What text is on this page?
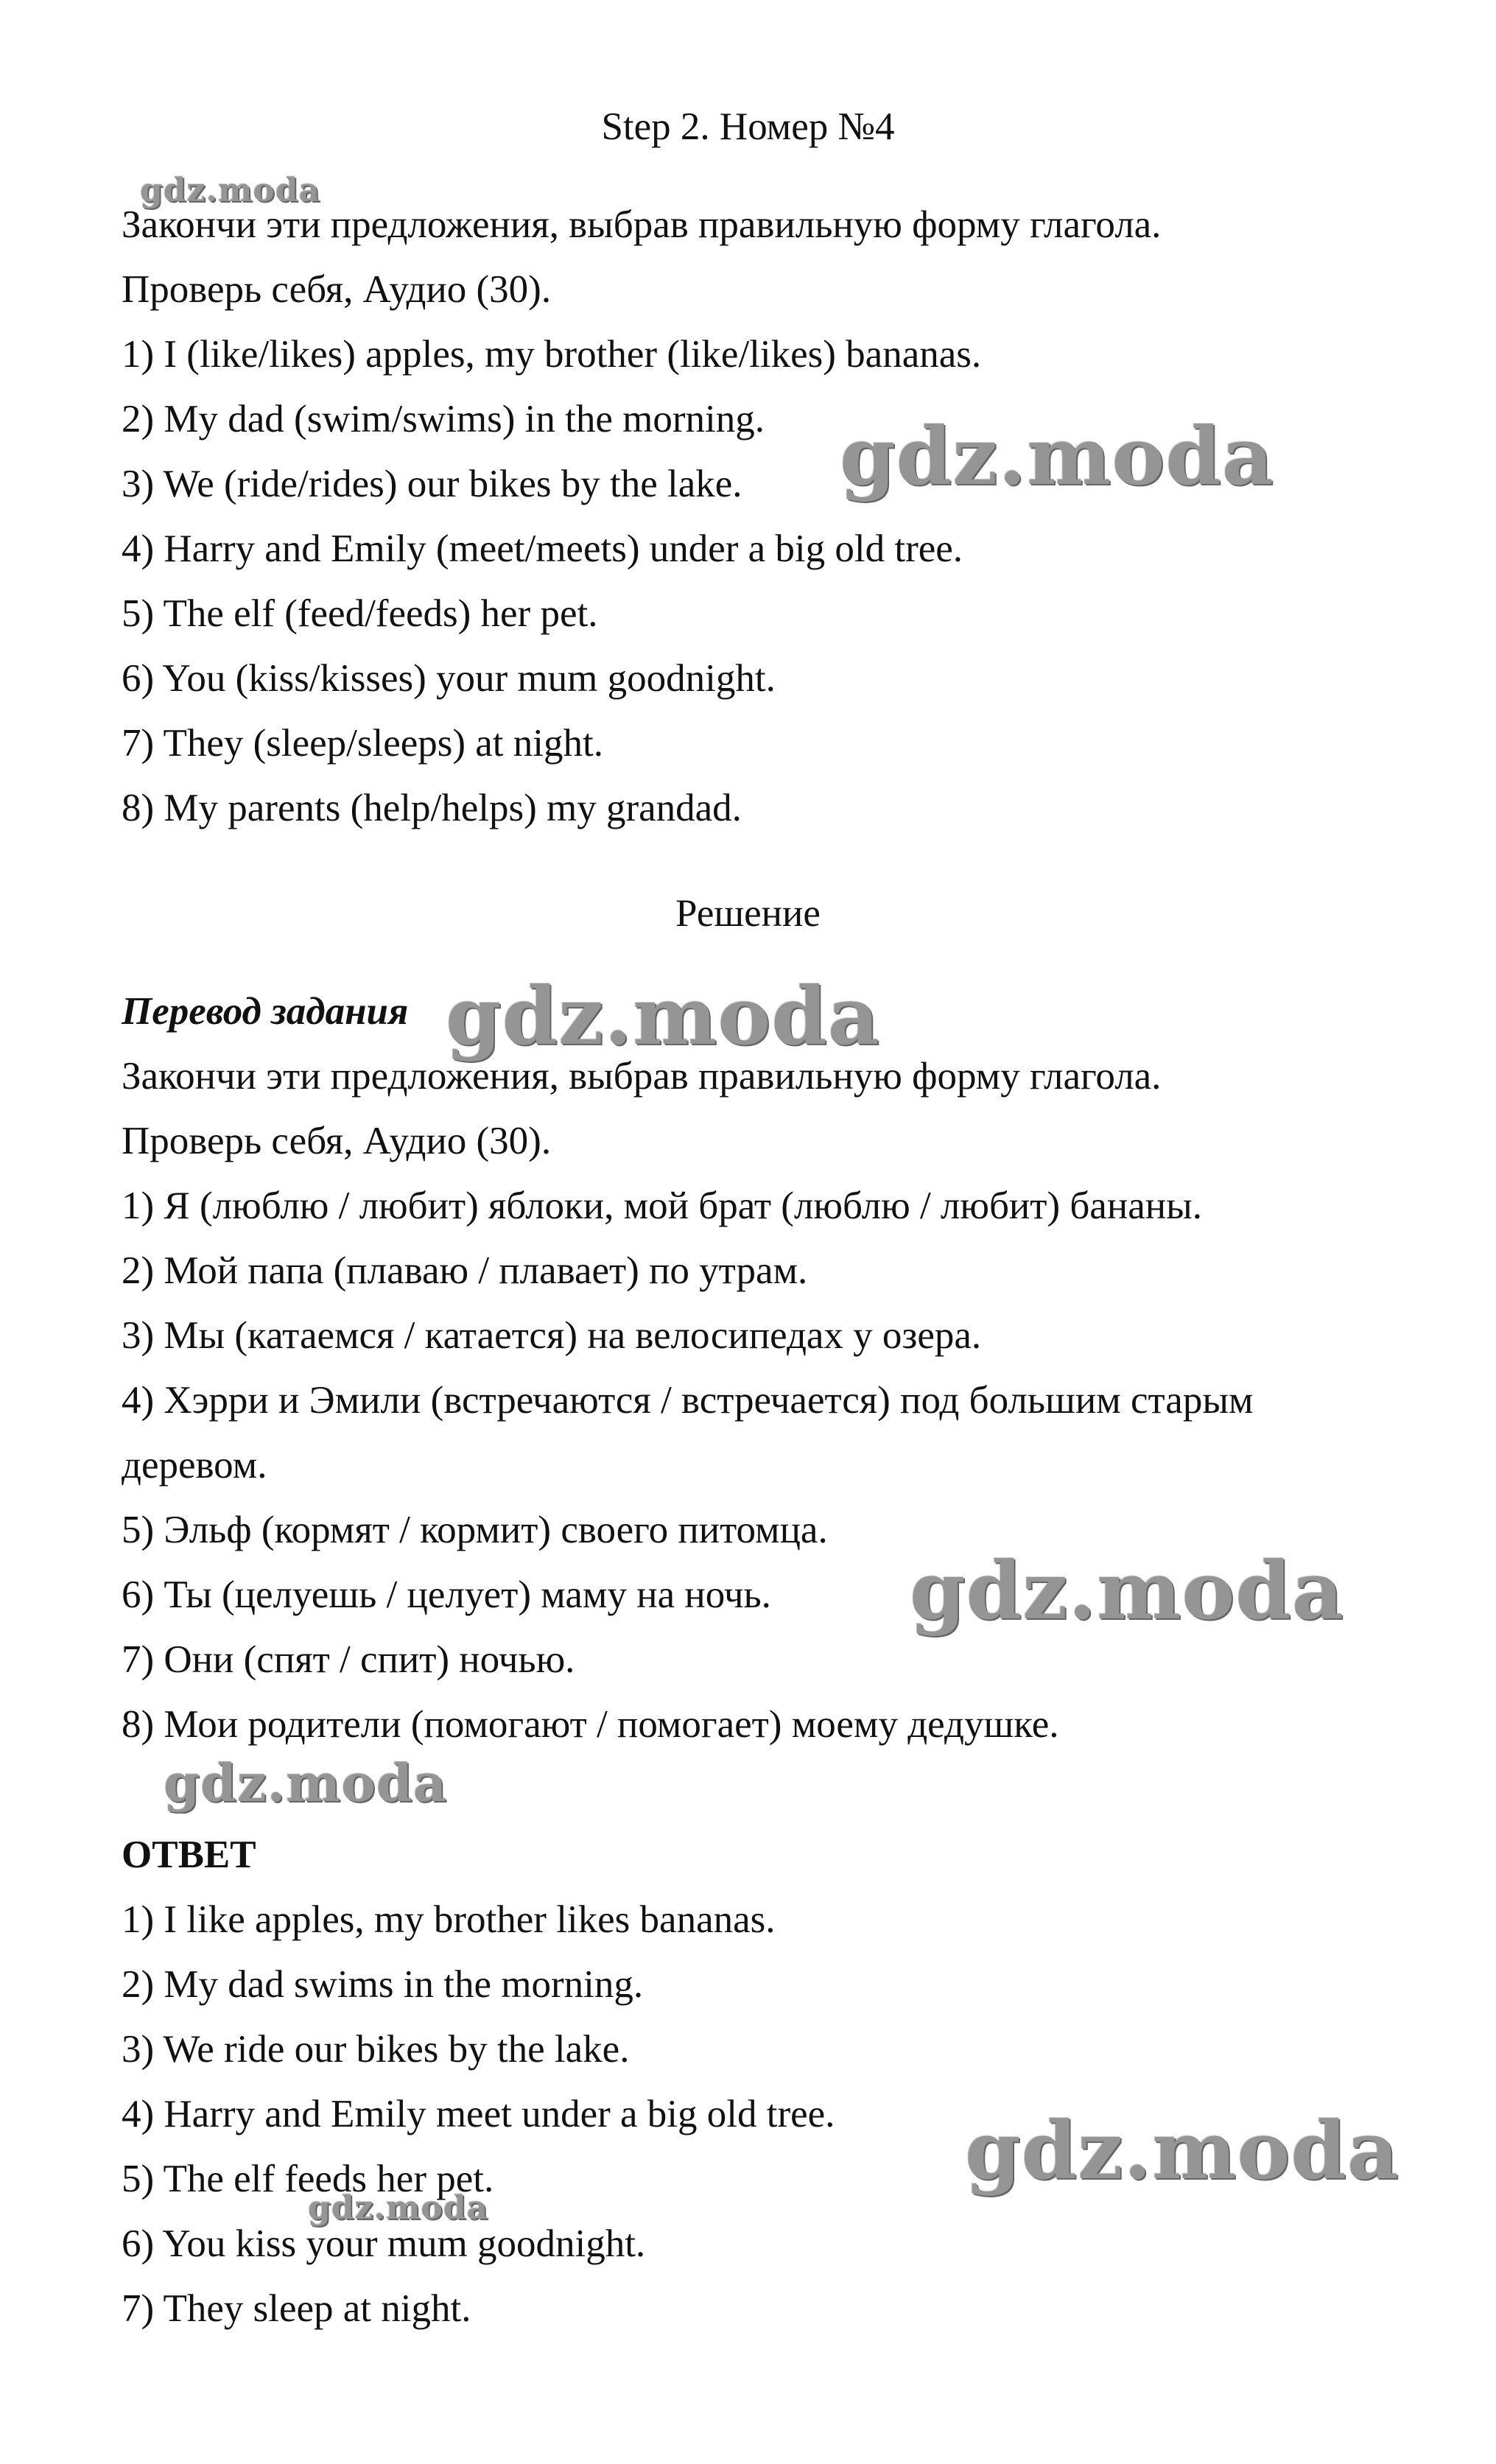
Step 2. Номер №4
Закончи эти предложения, выбрав правильную форму глагола.
Проверь себя, Аудио (30).
1) I (like/likes) apples, my brother (like/likes) bananas.
2) My dad (swim/swims) in the morning.
3) We (ride/rides) our bikes by the lake.
4) Harry and Emily (meet/meets) under a big old tree.
5) The elf (feed/feeds) her pet.
6) You (kiss/kisses) your mum goodnight.
7) They (sleep/sleeps) at night.
8) My parents (help/helps) my grandad.
Решение
Перевод задания
Закончи эти предложения, выбрав правильную форму глагола.
Проверь себя, Аудио (30).
1) Я (люблю / любит) яблоки, мой брат (люблю / любит) бананы.
2) Мой папа (плаваю / плавает) по утрам.
3) Мы (катаемся / катается) на велосипедах у озера.
4) Хэрри и Эмили (встречаются / встречается) под большим старым
деревом.
5) Эльф (кормят / кормит) своего питомца.
6) Ты (целуешь / целует) маму на ночь.
7) Они (спят / спит) ночью.
8) Мои родители (помогают / помогает) моему дедушке.
ОТВЕТ
1) I like apples, my brother likes bananas.
2) My dad swims in the morning.
3) We ride our bikes by the lake.
4) Harry and Emily meet under a big old tree.
5) The elf feeds her pet.
6) You kiss your mum goodnight.
7) They sleep at night.
gdz.moda
gdz.moda
gdz.moda
gdz.moda
gdz.moda
gdz.moda
gdz.moda
